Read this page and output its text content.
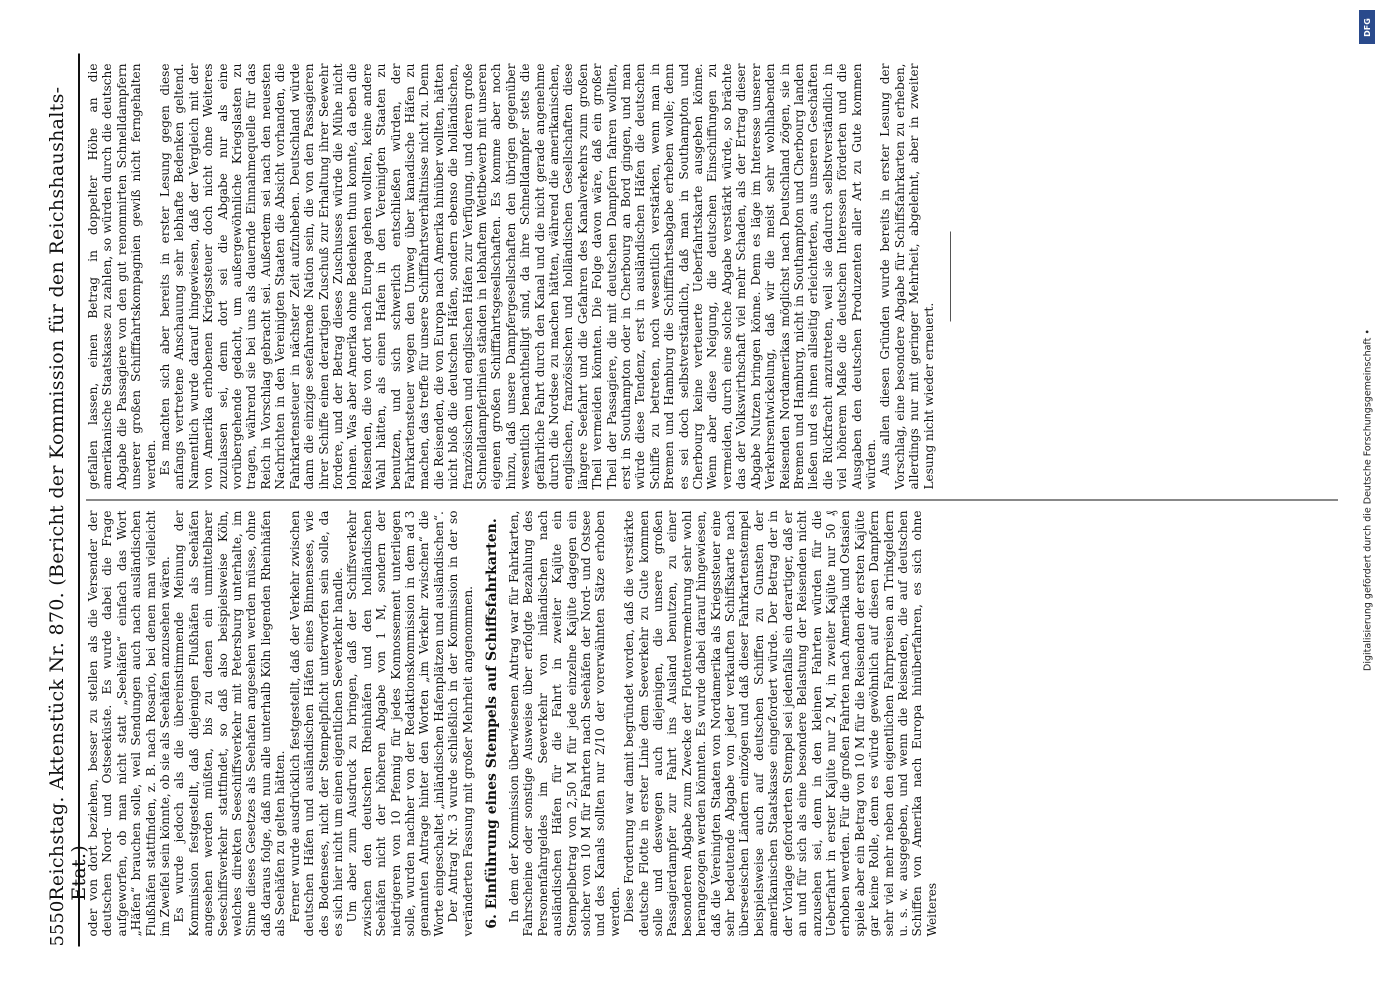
5550
Reichstag. Aktenstück Nr. 870. (Bericht der Kommission für den Reichshaushalts-Etat.)

oder von dort beziehen, besser zu stellen als die Versender der deutschen Nord- und Ostseeküste. Es wurde dabei die Frage aufgeworfen, ob man nicht statt „Seehäfen“ einfach das Wort „Häfen“ brauchen solle, weil Sendungen auch nach ausländischen Flußhäfen stattfinden, z. B. nach Rosario, bei denen man vielleicht im Zweifel sein könnte, ob sie als Seehäfen anzusehen wären. Es wurde jedoch als die übereinstimmende Meinung der Kommission festgestellt, daß diejenigen Flußhäfen als Seehäfen angesehen werden müßten, bis zu denen ein unmittelbarer Seeschiffsverkehr stattfindet, so daß also beispielsweise Köln, welches direkten Seeschiffsverkehr mit Petersburg unterhalte, im Sinne dieses Gesetzes als Seehafen angesehen werden müsse, ohne daß daraus folge, daß nun alle unterhalb Köln liegenden Rheinhäfen als Seehäfen zu gelten hätten. Ferner wurde ausdrücklich festgestellt, daß der Verkehr zwischen deutschen Häfen und ausländischen Häfen eines Binnensees, wie des Bodensees, nicht der Stempelpflicht unterworfen sein solle, da es sich hier nicht um einen eigentlichen Seeverkehr handle. Um aber zum Ausdruck zu bringen, daß der Schiffsverkehr zwischen den deutschen Rheinhäfen und den holländischen Seehäfen nicht der höheren Abgabe von 1 M, sondern der niedrigeren von 10 Pfennig für jedes Konnossement unterliegen solle, wurden nachher von der Redaktionskommission in dem ad 3 genannten Antrage hinter den Worten „im Verkehr zwischen“ die Worte eingeschaltet „inländischen Hafenplätzen und ausländischen“. Der Antrag Nr. 3 wurde schließlich in der Kommission in der so veränderten Fassung mit großer Mehrheit angenommen. 6. Einführung eines Stempels auf Schiffsfahrkarten. In dem der Kommission überwiesenen Antrag war für Fahrkarten, Fahrscheine oder sonstige Ausweise über erfolgte Bezahlung des Personenfahrgeldes im Seeverkehr von inländischen nach ausländischen Häfen für die Fahrt in zweiter Kajüte ein Stempelbetrag von 2,50 M für jede einzelne Kajüte dagegen ein solcher von 10 M für Fahrten nach Seehäfen der Nord- und Ostsee und des Kanals sollten nur 2/10 der vorerwähnten Sätze erhoben werden. Diese Forderung war damit begründet worden, daß die verstärkte deutsche Flotte in erster Linie dem Seeverkehr zu Gute kommen solle und deswegen auch diejenigen, die unsere großen Passagierdampfer zur Fahrt ins Ausland benutzen, zu einer besonderen Abgabe zum Zwecke der Flottenvermehrung sehr wohl herangezogen werden könnten. Es wurde dabei darauf hingewiesen, daß die Vereinigten Staaten von Nordamerika als Kriegssteuer eine sehr bedeutende Abgabe von jeder verkauften Schiffskarte nach überseeischen Ländern einzögen und daß dieser Fahrkartenstempel beispielsweise auch auf deutschen Schiffen zu Gunsten der amerikanischen Staatskasse eingefordert würde. Der Betrag der in der Vorlage geforderten Stempel sei jedenfalls ein derartiger, daß er an und für sich als eine besondere Belastung der Reisenden nicht anzusehen sei, denn in den kleinen Fahrten würden für die Ueberfahrt in erster Kajüte nur 2 M, in zweiter Kajüte nur 50 ₰ erhoben werden. Für die großen Fahrten nach Amerika und Ostasien spiele aber ein Betrag von 10 M für die Reisenden der ersten Kajüte gar keine Rolle, denn es würde gewöhnlich auf diesen Dampfern sehr viel mehr neben den eigentlichen Fahrpreisen an Trinkgeldern u. s. w. ausgegeben, und wenn die Reisenden, die auf deutschen Schiffen von Amerika nach Europa hinüberfahren, es sich ohne Weiteres

gefallen lassen, einen Betrag in doppelter Höhe an die amerikanische Staatskasse zu zahlen, so würden durch die deutsche Abgabe die Passagiere von den gut renommirten Schnelldampfern unserer großen Schifffahrtskompagnien gewiß nicht ferngehalten werden. Es machten sich aber bereits in erster Lesung gegen diese anfangs vertretene Anschauung sehr lebhafte Bedenken geltend. Namentlich wurde darauf hingewiesen, daß der Vergleich mit der von Amerika erhobenen Kriegssteuer doch nicht ohne Weiteres zuzulassen sei, denn dort sei die Abgabe nur als eine vorübergehende gedacht, um außergewöhnliche Kriegslasten zu tragen, während sie bei uns als dauernde Einnahmequelle für das Reich in Vorschlag gebracht sei. Außerdem sei nach den neuesten Nachrichten in den Vereinigten Staaten die Absicht vorhanden, die Fahrkartensteuer in nächster Zeit aufzuheben. Deutschland würde dann die einzige seefahrende Nation sein, die von den Passagieren ihrer Schiffe einen derartigen Zuschuß zur Erhaltung ihrer Seewehr fordere, und der Betrag dieses Zuschusses würde die Mühe nicht lohnen. Was aber Amerika ohne Bedenken thun konnte, da eben die Reisenden, die von dort nach Europa gehen wollten, keine andere Wahl hätten, als einen Hafen in den Vereinigten Staaten zu benutzen, und sich schwerlich entschließen würden, der Fahrkartensteuer wegen den Umweg über kanadische Häfen zu machen, das treffe für unsere Schifffahrtsverhältnisse nicht zu. Denn die Reisenden, die von Europa nach Amerika hinüber wollten, hätten nicht bloß die deutschen Häfen, sondern ebenso die holländischen, französischen und englischen Häfen zur Verfügung, und deren große Schnelldampferlinien ständen in lebhaftem Wettbewerb mit unseren eigenen großen Schifffahrtsgesellschaften. Es komme aber noch hinzu, daß unsere Dampfergesellschaften den übrigen gegenüber wesentlich benachtheiligt sind, da ihre Schnelldampfer stets die gefährliche Fahrt durch den Kanal und die nicht gerade angenehme durch die Nordsee zu machen hätten, während die amerikanischen, englischen, französischen und holländischen Gesellschaften diese längere Seefahrt und die Gefahren des Kanalverkehrs zum großen Theil vermeiden könnten. Die Folge davon wäre, daß ein großer Theil der Passagiere, die mit deutschen Dampfern fahren wollten, erst in Southampton oder in Cherbourg an Bord gingen, und man würde diese Tendenz, erst in ausländischen Häfen die deutschen Schiffe zu betreten, noch wesentlich verstärken, wenn man in Bremen und Hamburg die Schifffahrtsabgabe erheben wolle; denn es sei doch selbstverständlich, daß man in Southampton und Cherbourg keine verteuerte Ueberfahrtskarte ausgeben könne. Wenn aber diese Neigung, die deutschen Einschiffungen zu vermeiden, durch eine solche Abgabe verstärkt würde, so brächte das der Volkswirthschaft viel mehr Schaden, als der Ertrag dieser Abgabe Nutzen bringen könne. Denn es läge im Interesse unserer Verkehrsentwickelung, daß wir die meist sehr wohlhabenden Reisenden Nordamerikas möglichst nach Deutschland zögen, sie in Bremen und Hamburg, nicht in Southampton und Cherbourg landen ließen und es ihnen allseitig erleichterten, aus unseren Geschäften die Rückfracht anzutreten, weil sie dadurch selbstverständlich in viel höherem Maße die deutschen Interessen förderten und die Ausgaben den deutschen Produzenten aller Art zu Gute kommen würden. Aus allen diesen Gründen wurde bereits in erster Lesung der Vorschlag, eine besondere Abgabe für Schiffsfahrkarten zu erheben, allerdings nur mit geringer Mehrheit, abgelehnt, aber in zweiter Lesung nicht wieder erneuert.	Digitalisierung gefördert durch die Deutsche Forschungsgemeinschaft •
DFG
